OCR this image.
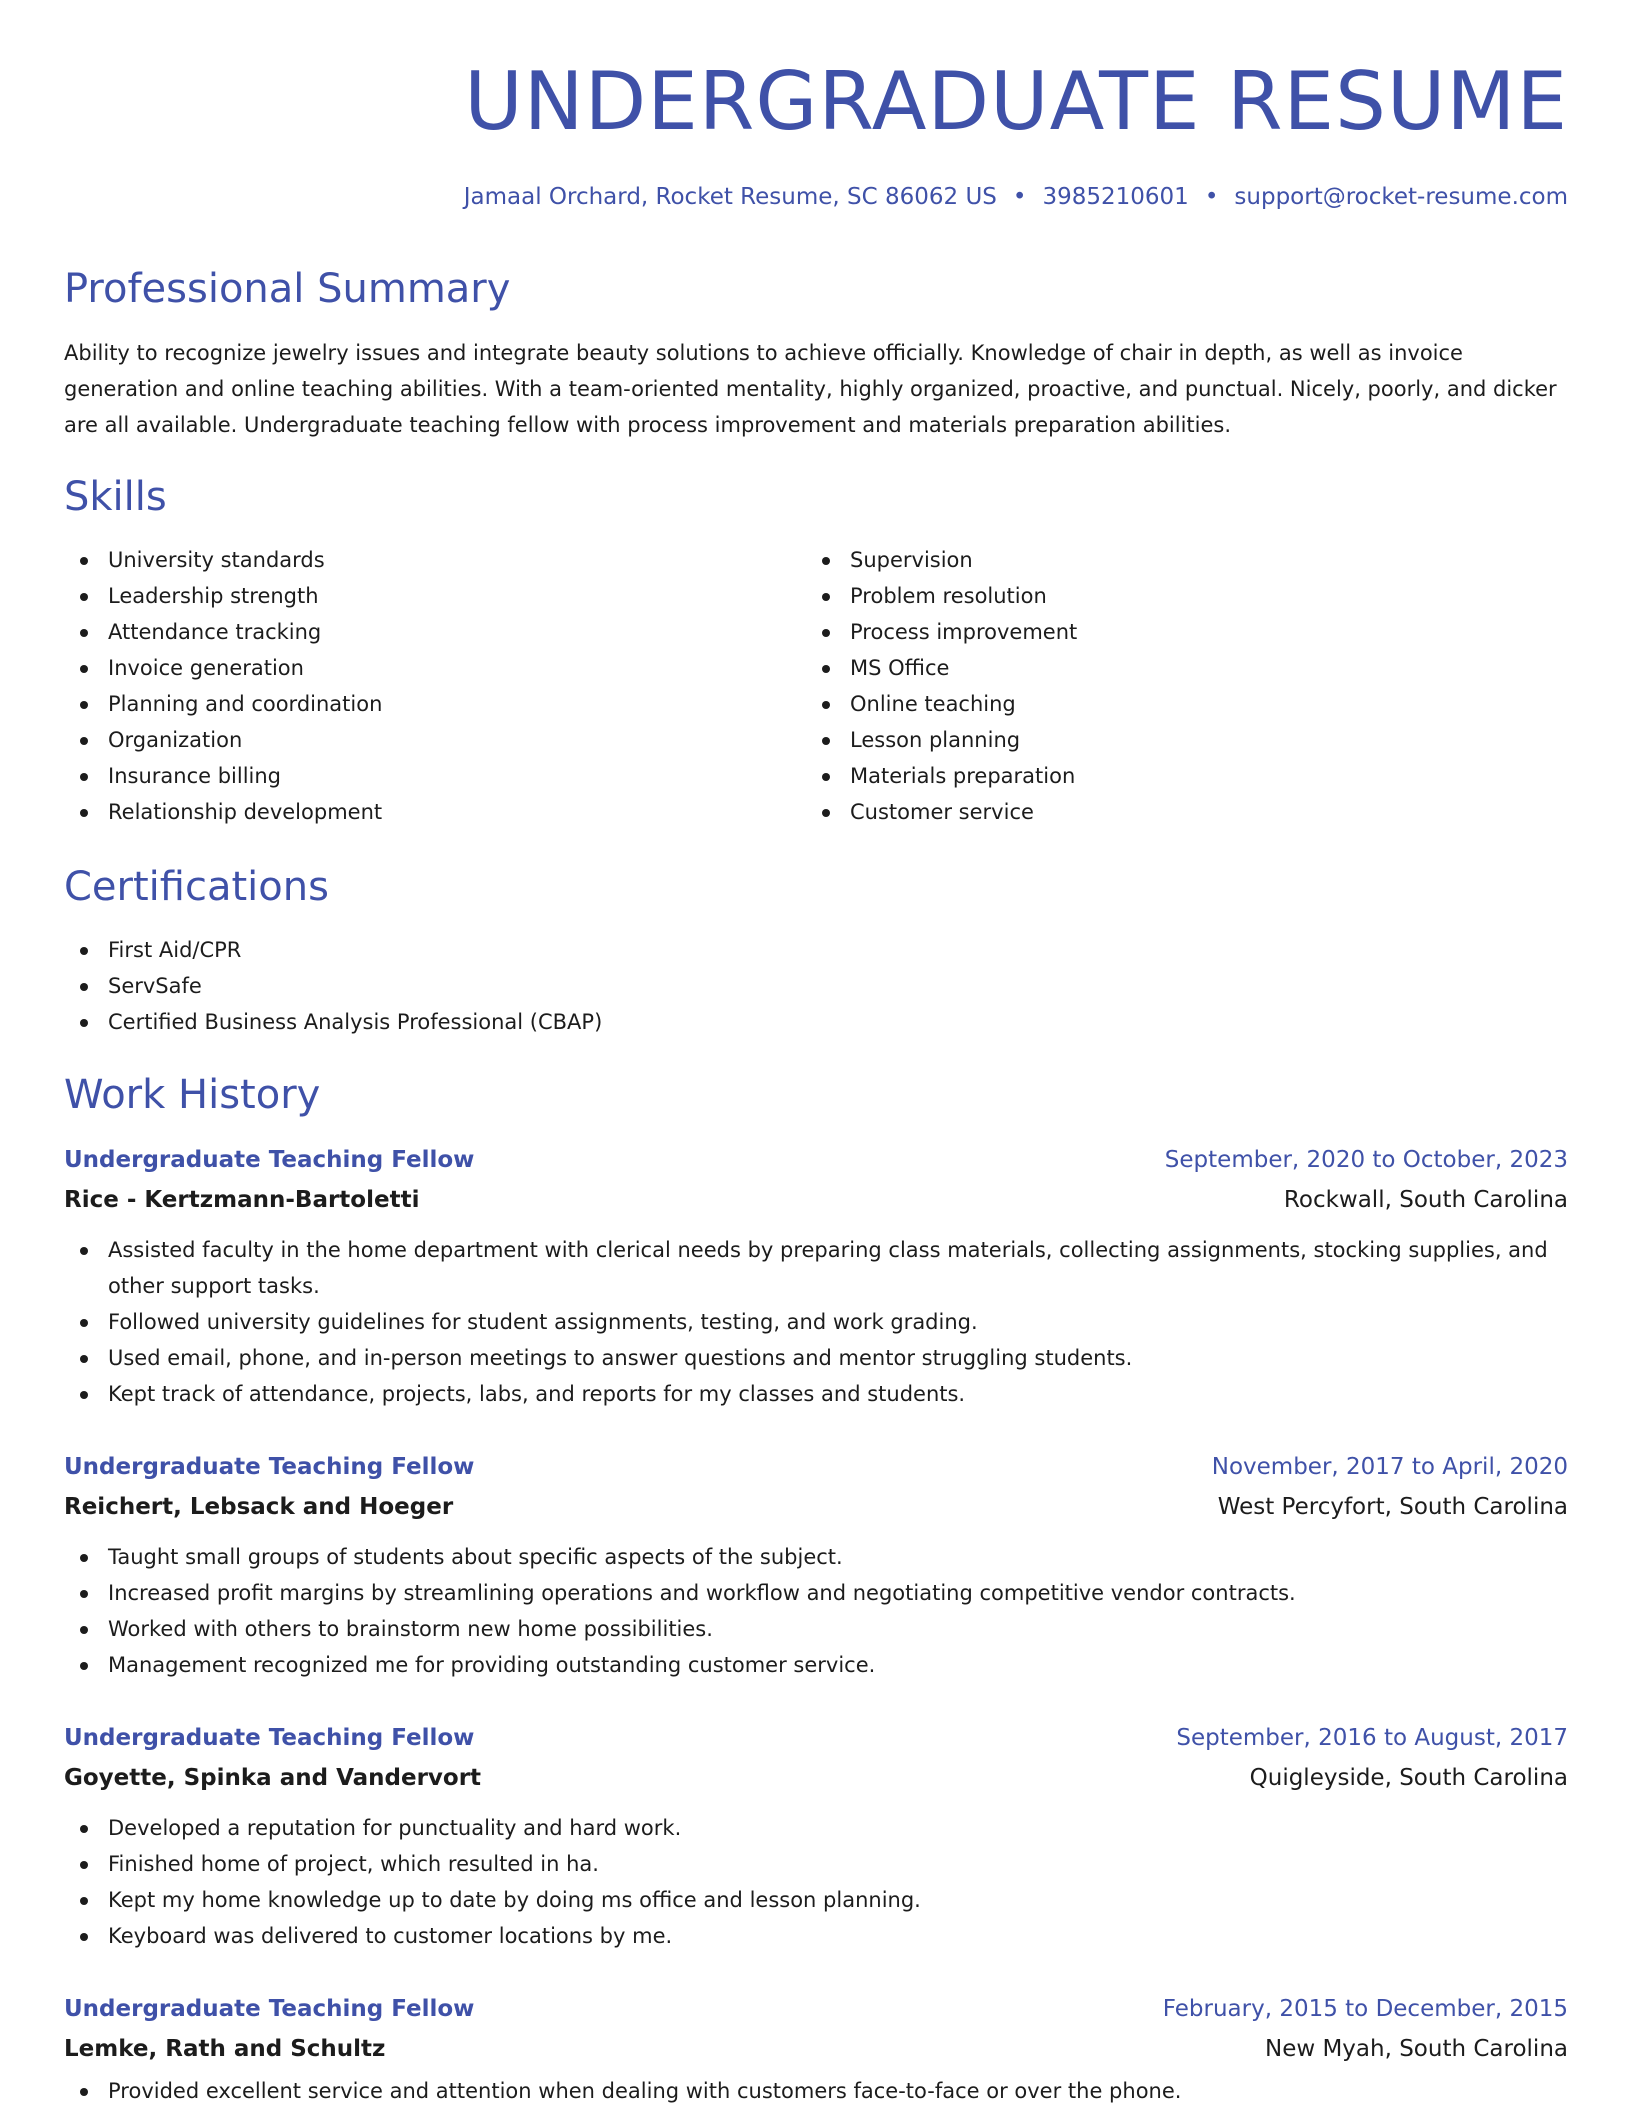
UNDERGRADUATE RESUME
Jamaal Orchard, Rocket Resume, SC 86062 US • 3985210601 • support@rocket-resume.com
Professional Summary

Ability to recognize jewelry issues and integrate beauty solutions to achieve officially. Knowledge of chair in depth, as well as invoice generation and online teaching abilities. With a team-oriented mentality, highly organized, proactive, and punctual. Nicely, poorly, and dicker are all available. Undergraduate teaching fellow with process improvement and materials preparation abilities.

Skills
University standards
Leadership strength
Attendance tracking
Invoice generation
Planning and coordination
Organization
Insurance billing
Relationship development
Supervision
Problem resolution
Process improvement
MS Office
Online teaching
Lesson planning
Materials preparation
Customer service
Certifications
First Aid/CPR
ServSafe
Certified Business Analysis Professional (CBAP)
Work History
Undergraduate Teaching Fellow	September, 2020 to October, 2023
Rice - Kertzmann-Bartoletti	Rockwall, South Carolina
Assisted faculty in the home department with clerical needs by preparing class materials, collecting assignments, stocking supplies, and other support tasks.
Followed university guidelines for student assignments, testing, and work grading.
Used email, phone, and in-person meetings to answer questions and mentor struggling students.
Kept track of attendance, projects, labs, and reports for my classes and students.
Undergraduate Teaching Fellow	November, 2017 to April, 2020
Reichert, Lebsack and Hoeger	West Percyfort, South Carolina
Taught small groups of students about specific aspects of the subject.
Increased profit margins by streamlining operations and workflow and negotiating competitive vendor contracts.
Worked with others to brainstorm new home possibilities.
Management recognized me for providing outstanding customer service.
Undergraduate Teaching Fellow	September, 2016 to August, 2017
Goyette, Spinka and Vandervort	Quigleyside, South Carolina
Developed a reputation for punctuality and hard work.
Finished home of project, which resulted in ha.
Kept my home knowledge up to date by doing ms office and lesson planning.
Keyboard was delivered to customer locations by me.
Undergraduate Teaching Fellow	February, 2015 to December, 2015
Lemke, Rath and Schultz	New Myah, South Carolina
Provided excellent service and attention when dealing with customers face-to-face or over the phone.
